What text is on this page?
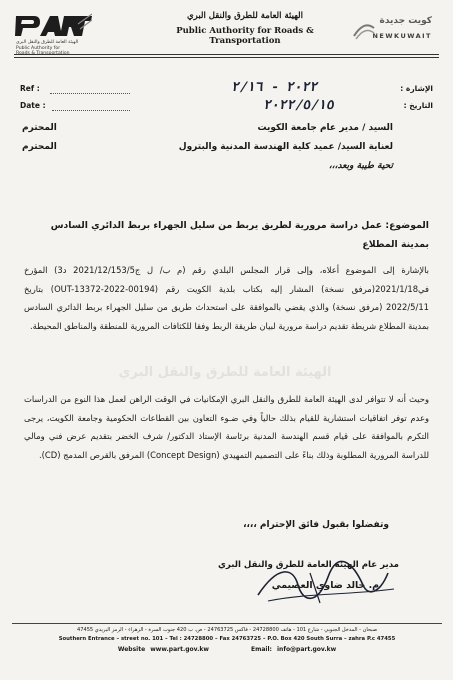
PART
الهيئة العامة للطرق والنقل البري
Public Authority for
Roads & Transportation
الهيئة العامة للطرق والنقل البري
Public Authority for Roads & Transportation
كويت جديدة
NEWKUWAIT
Ref :
Date :
الإشارة :
التاريخ :
٢٠٢٢ - ٢/١٦
٢٠٢٢/٥/١٥
السيد / مدير عام جامعة الكويت
المحترم
لعناية السيد/ عميد كلية الهندسة المدنية والبترول
المحترم
تحية طيبة وبعد،،،
الموضوع: عمل دراسة مرورية لطريق يربط من سليل الجهراء بربط الدائري السادس بمدينة المطلاع
بالإشارة إلى الموضوع أعلاه، وإلى قرار المجلس البلدي رقم (م ب/ ل ج2021/12/153/5 د3) المؤرخ في2021/1/18(مرفق نسخة) المشار إليه بكتاب بلدية الكويت رقم (OUT-13372-2022-00194) بتاريخ 2022/5/11 (مرفق نسخة) والذي يقضي بالموافقة على استحداث طريق من سليل الجهراء بربط الدائري السادس بمدينة المطلاع شريطة تقديم دراسة مرورية لبيان طريقة الربط وفقا للكثافات المرورية للمنطقة والمناطق المحيطة.
وحيث أنه لا تتوافر لدى الهيئة العامة للطرق والنقل البري الإمكانيات في الوقت الراهن لعمل هذا النوع من الدراسات وعدم توفر اتفاقيات استشارية للقيام بذلك حالياً وفي ضـوء التعاون بين القطاعات الحكومية وجامعة الكويت، يرجى التكرم بالموافقة على قيام قسم الهندسة المدنية برئاسة الإستاذ الدكتور/ شرف الخضر بتقديم عرض فني ومالي للدراسة المرورية المطلوبة وذلك بناءً على التصميم التمهيدي (Concept Design) المرفق بالقرص المدمج (CD).
الهيئة العامة للطرق والنقل البري
وتفضلوا بقبول فائق الإحترام ،،،،
مدير عام الهيئة العامة للطرق والنقل البري
م. خالد ضاوي العصيمي
صبحان - المدخل الجنوبي - شارع 101 - هاتف 24728800 - فاكس 24763725 - ص. ب 420 جنوب السرة - الزهراء - الرمز البريدي 47455
Southern Entrance – street no. 101 – Tel : 24728800 – Fax 24763725 – P.O. Box 420 South Surra – zahra P.c 47455
Website www.part.gov.kw	Email: info@part.gov.kw
